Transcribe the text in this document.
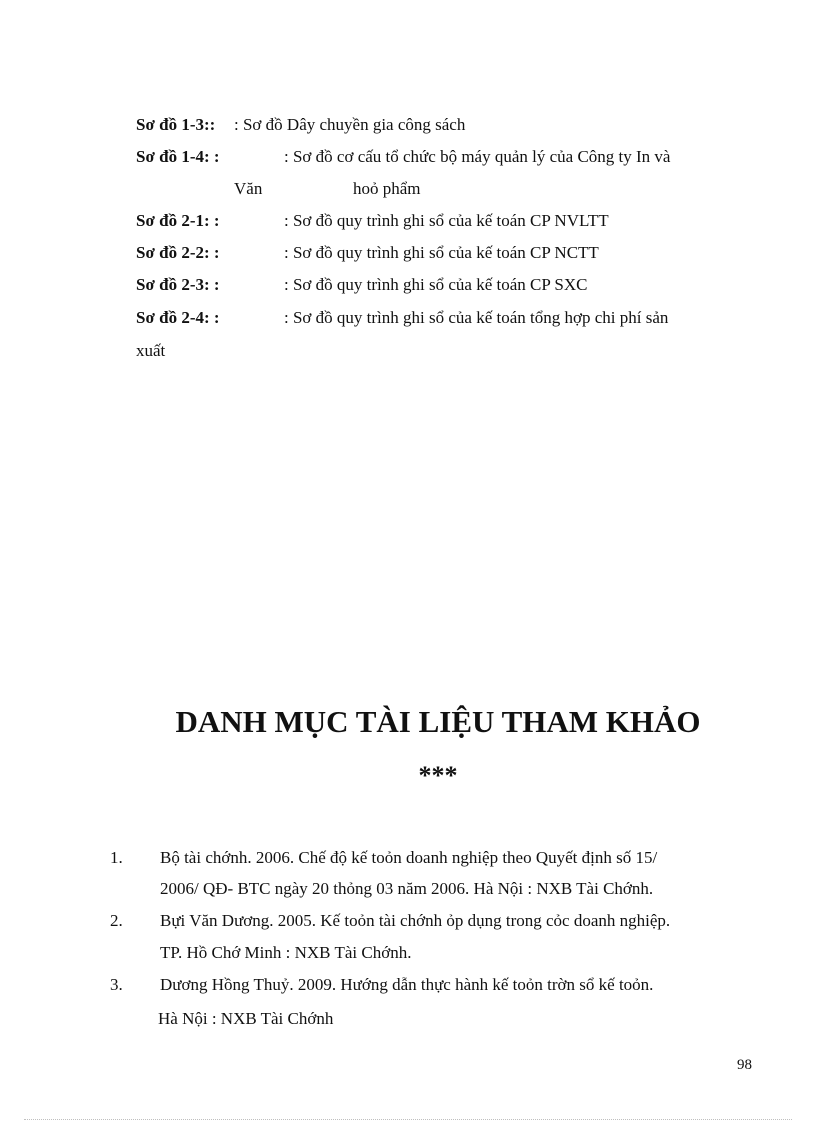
Sơ đồ 1-3:: : Sơ đồ Dây chuyền gia công sách
Sơ đồ 1-4: :	: Sơ đồ cơ cấu tổ chức bộ máy quản lý của Công ty In và
Văn	hoỏ phẩm
Sơ đồ 2-1: :	: Sơ đồ quy trình ghi sổ của kế toán CP NVLTT
Sơ đồ 2-2: :	: Sơ đồ quy trình ghi sổ của kế toán CP NCTT
Sơ đồ 2-3: :	: Sơ đồ quy trình ghi sổ của kế toán CP SXC
Sơ đồ 2-4: :	: Sơ đồ quy trình ghi sổ của kế toán tổng hợp chi phí sản
xuất
DANH MỤC TÀI LIỆU THAM KHẢO
***
1. Bộ tài chớnh. 2006. Chế độ kế toỏn doanh nghiệp theo Quyết định số 15/
2006/ QĐ- BTC ngày 20 thỏng 03 năm 2006. Hà Nội : NXB Tài Chớnh.
2. Bựi Văn Dương. 2005. Kế toỏn tài chớnh ỏp dụng trong cỏc doanh nghiệp.
TP. Hồ Chớ Minh : NXB Tài Chớnh.
3. Dương Hồng Thuỷ. 2009. Hướng dẫn thực hành kế toỏn trờn sổ kế toỏn.
Hà Nội : NXB Tài Chớnh
98
